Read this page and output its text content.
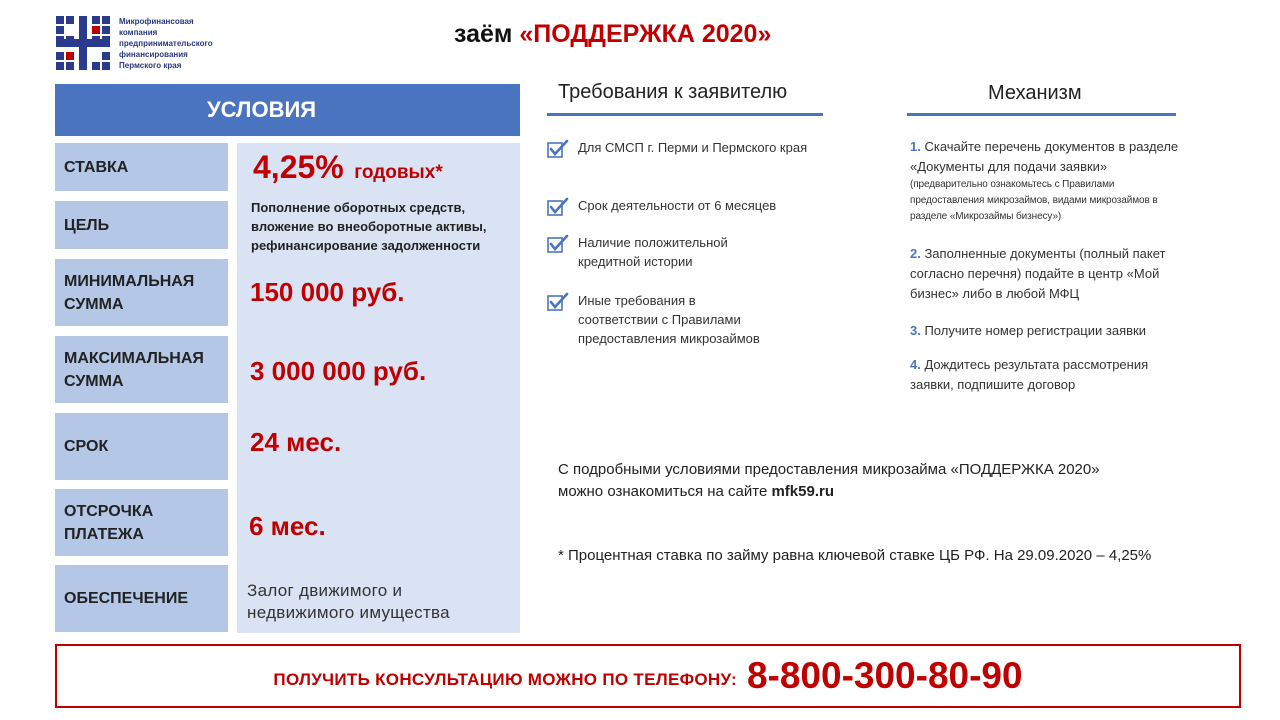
Микрофинансовая
компания
предпринимательского
финансирования
Пермского края
заём «ПОДДЕРЖКА 2020»
УСЛОВИЯ
СТАВКА
ЦЕЛЬ
МИНИМАЛЬНАЯ
СУММА
МАКСИМАЛЬНАЯ
СУММА
СРОК
ОТСРОЧКА
ПЛАТЕЖА
ОБЕСПЕЧЕНИЕ
4,25% годовых*
Пополнение оборотных средств,
вложение во внеоборотные активы,
рефинансирование задолженности
150 000 руб.
3 000 000 руб.
24 мес.
6 мес.
Залог движимого и
недвижимого имущества
Требования к заявителю
Для СМСП г. Перми и Пермского края
Срок деятельности от 6 месяцев
Наличие положительной
кредитной истории
Иные требования в
соответствии с Правилами
предоставления микрозаймов
Механизм
1. Скачайте перечень документов в разделе
«Документы для подачи заявки»
(предварительно ознакомьтесь с Правилами
предоставления микрозаймов, видами микрозаймов в
разделе «Микрозаймы бизнесу»)
2. Заполненные документы (полный пакет
согласно перечня) подайте в центр «Мой
бизнес» либо в любой МФЦ
3. Получите номер регистрации заявки
4. Дождитесь результата рассмотрения
заявки, подпишите договор
С подробными условиями предоставления микрозайма «ПОДДЕРЖКА 2020»
можно ознакомиться на сайте mfk59.ru
* Процентная ставка по займу равна ключевой ставке ЦБ РФ. На 29.09.2020 – 4,25%
ПОЛУЧИТЬ КОНСУЛЬТАЦИЮ МОЖНО ПО ТЕЛЕФОНУ: 8-800-300-80-90
